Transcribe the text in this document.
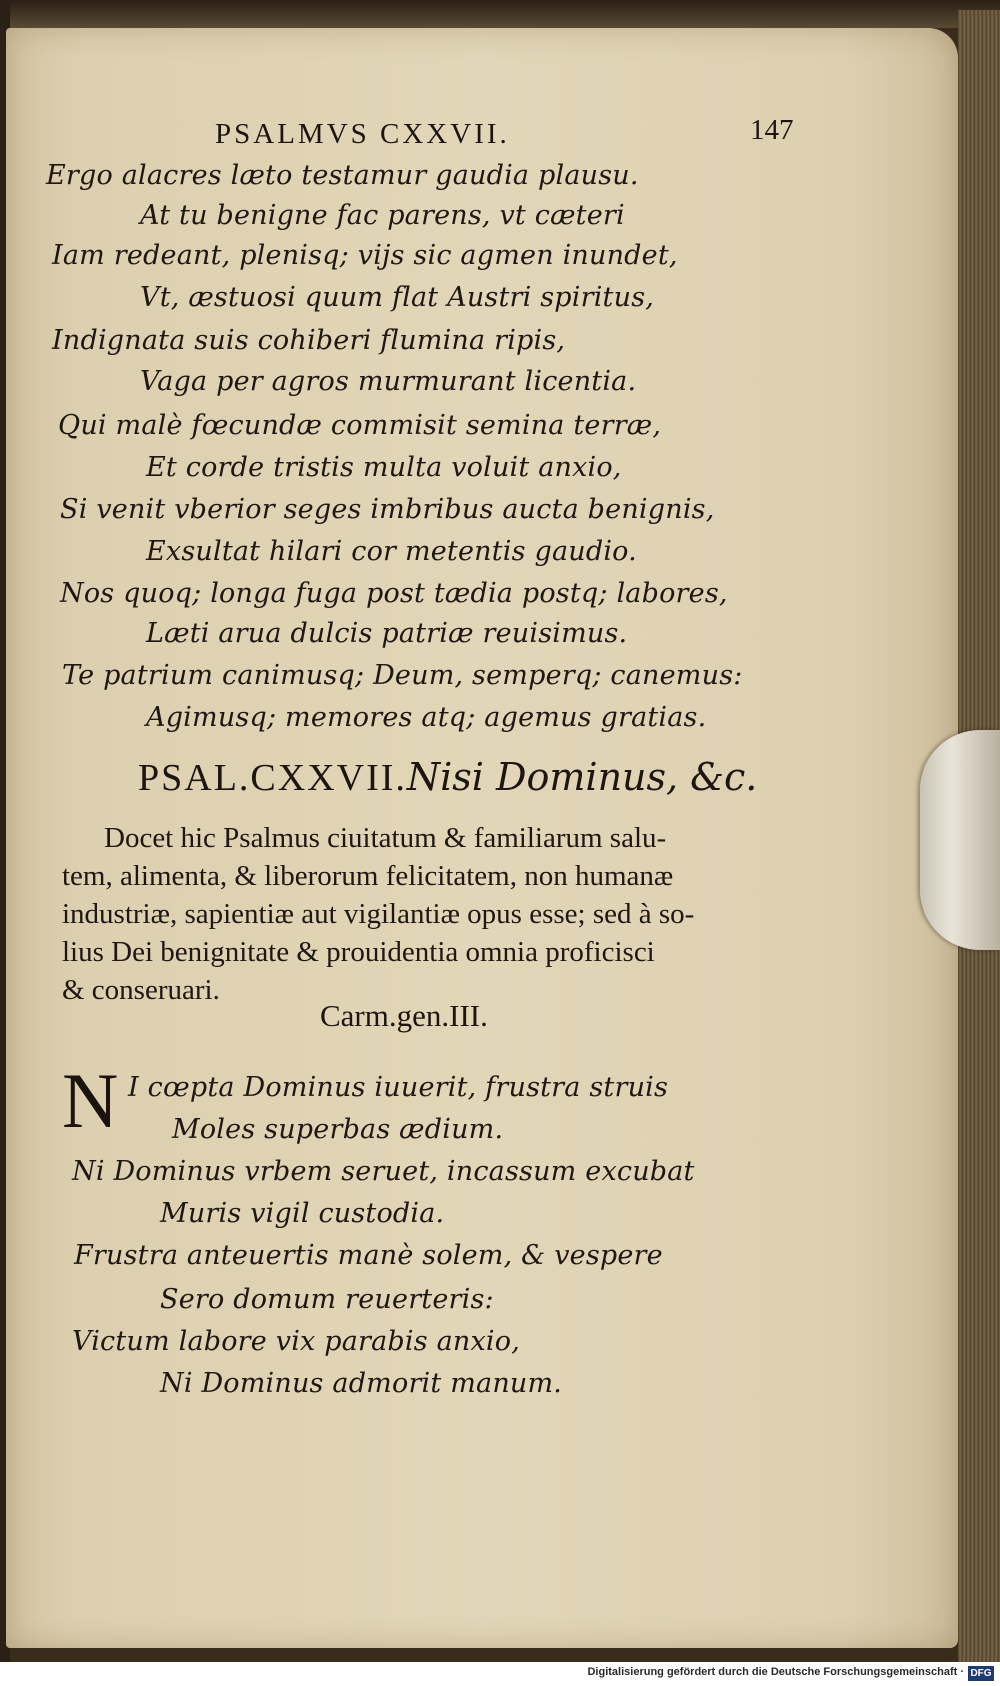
PSALMVS CXXVII.	147
Ergo alacres læto testamur gaudia plausu.
At tu benigne fac parens, vt cæteri
Iam redeant, plenisq; vijs sic agmen inundet,
Vt, æstuosi quum flat Austri spiritus,
Indignata suis cohiberi flumina ripis,
Vaga per agros murmurant licentia.
Qui malè fœcundæ commisit semina terræ,
Et corde tristis multa voluit anxio,
Si venit vberior seges imbribus aucta benignis,
Exsultat hilari cor metentis gaudio.
Nos quoq; longa fuga post tædia postq; labores,
Læti arua dulcis patriæ reuisimus.
Te patrium canimusq; Deum, semperq; canemus:
Agimusq; memores atq; agemus gratias.
PSAL.CXXVII.Nisi Dominus, &c.
Docet hic Psalmus ciuitatum & familiarum salu-
tem, alimenta, & liberorum felicitatem, non humanæ
industriæ, sapientiæ aut vigilantiæ opus esse; sed à so-
lius Dei benignitate & prouidentia omnia proficisci
& conseruari.
Carm.gen.III.
N I cœpta Dominus iuuerit, frustra struis
Moles superbas ædium.
Ni Dominus vrbem seruet, incassum excubat
Muris vigil custodia.
Frustra anteuertis manè solem, & vespere
Sero domum reuerteris:
Victum labore vix parabis anxio,
Ni Dominus admorit manum.
Digitalisierung gefördert durch die Deutsche Forschungsgemeinschaft · DFG
